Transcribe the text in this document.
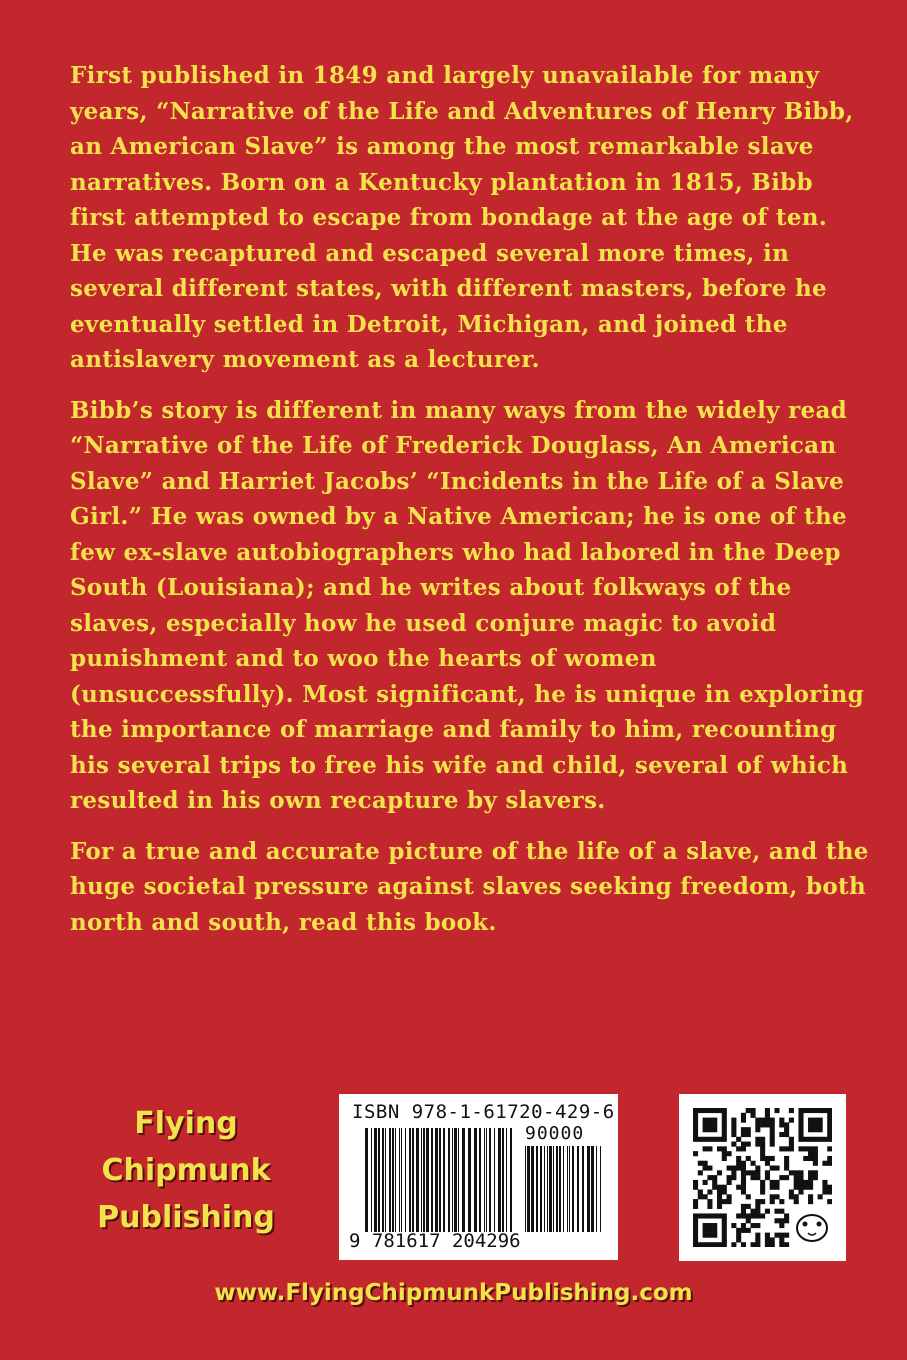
First published in 1849 and largely unavailable for many years, “Narrative of the Life and Adventures of Henry Bibb, an American Slave” is among the most remarkable slave narratives. Born on a Kentucky plantation in 1815, Bibb first attempted to escape from bondage at the age of ten. He was recaptured and escaped several more times, in several different states, with different masters, before he eventually settled in Detroit, Michigan, and joined the antislavery movement as a lecturer.

Bibb’s story is different in many ways from the widely read “Narrative of the Life of Frederick Douglass, An American Slave” and Harriet Jacobs’ “Incidents in the Life of a Slave Girl.” He was owned by a Native American; he is one of the few ex-slave autobiographers who had labored in the Deep South (Louisiana); and he writes about folkways of the slaves, especially how he used conjure magic to avoid punishment and to woo the hearts of women (unsuccessfully). Most significant, he is unique in exploring the importance of marriage and family to him, recounting his several trips to free his wife and child, several of which resulted in his own recapture by slavers.

For a true and accurate picture of the life of a slave, and the huge societal pressure against slaves seeking freedom, both north and south, read this book.

Flying
Chipmunk
Publishing
ISBN 978-1-61720-429-6
90000
9 781617 204296
www.FlyingChipmunkPublishing.com
